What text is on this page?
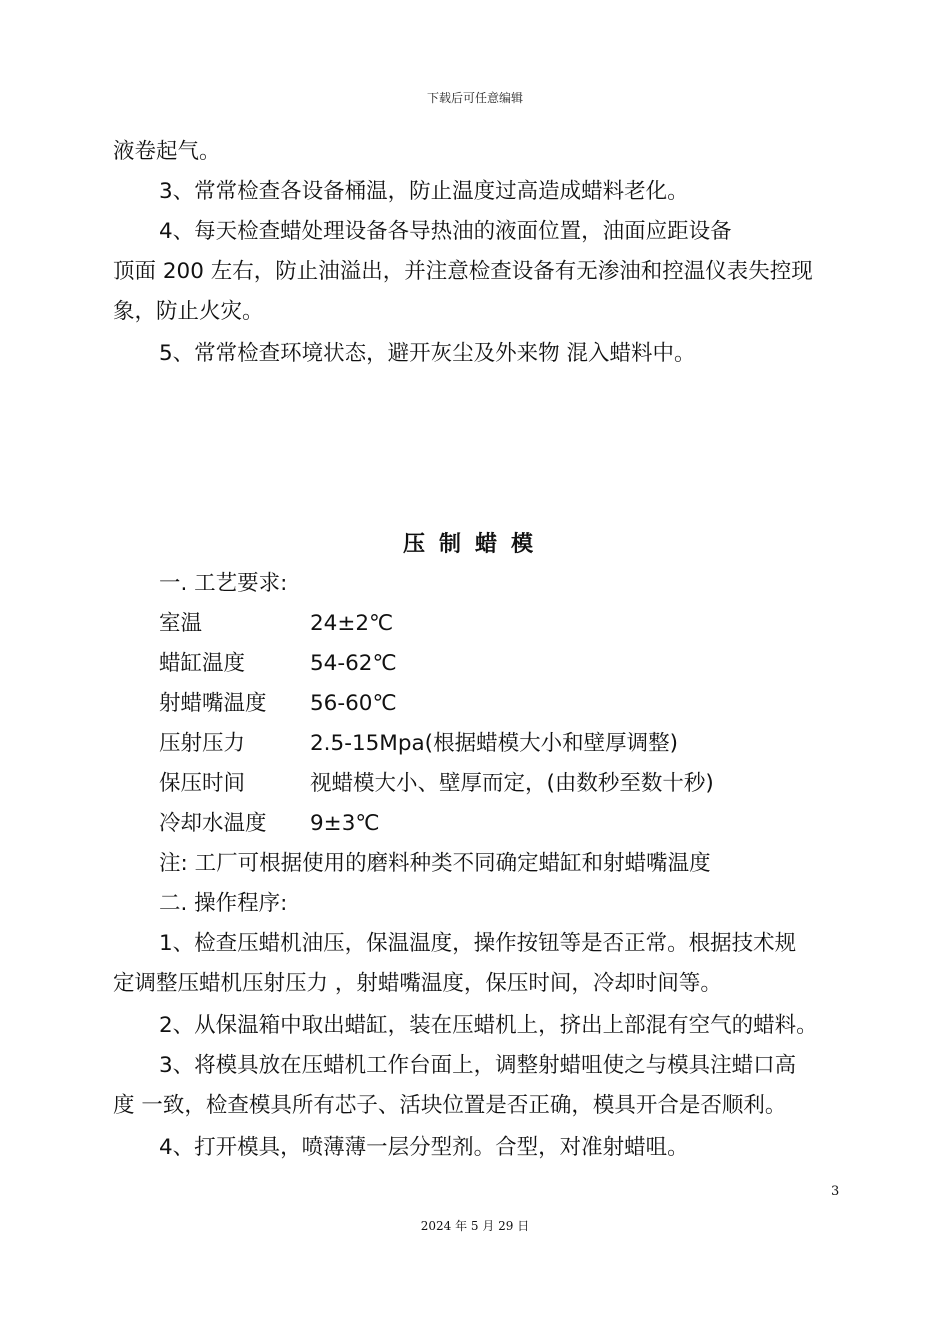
下载后可任意编辑
液卷起气。
3、常常检查各设备桶温，防止温度过高造成蜡料老化。
4、每天检查蜡处理设备各导热油的液面位置，油面应距设备
顶面 200 左右，防止油溢出，并注意检查设备有无渗油和控温仪表失控现
象，防止火灾。
5、常常检查环境状态，避开灰尘及外来物 混入蜡料中。
压制蜡模
一. 工艺要求:
室温	24±2℃
蜡缸温度	54-62℃
射蜡嘴温度 56-60℃
压射压力	2.5-15Mpa(根据蜡模大小和壁厚调整)
保压时间	视蜡模大小、壁厚而定，(由数秒至数十秒)
冷却水温度 9±3℃
注: 工厂可根据使用的磨料种类不同确定蜡缸和射蜡嘴温度
二. 操作程序:
1、检查压蜡机油压，保温温度，操作按钮等是否正常。根据技术规
定调整压蜡机压射压力 ，射蜡嘴温度，保压时间，冷却时间等。
2、从保温箱中取出蜡缸，装在压蜡机上，挤出上部混有空气的蜡料。
3、将模具放在压蜡机工作台面上，调整射蜡咀使之与模具注蜡口高
度 一致，检查模具所有芯子、活块位置是否正确，模具开合是否顺利。
4、打开模具，喷薄薄一层分型剂。合型，对准射蜡咀。
3
2024 年 5 月 29 日
